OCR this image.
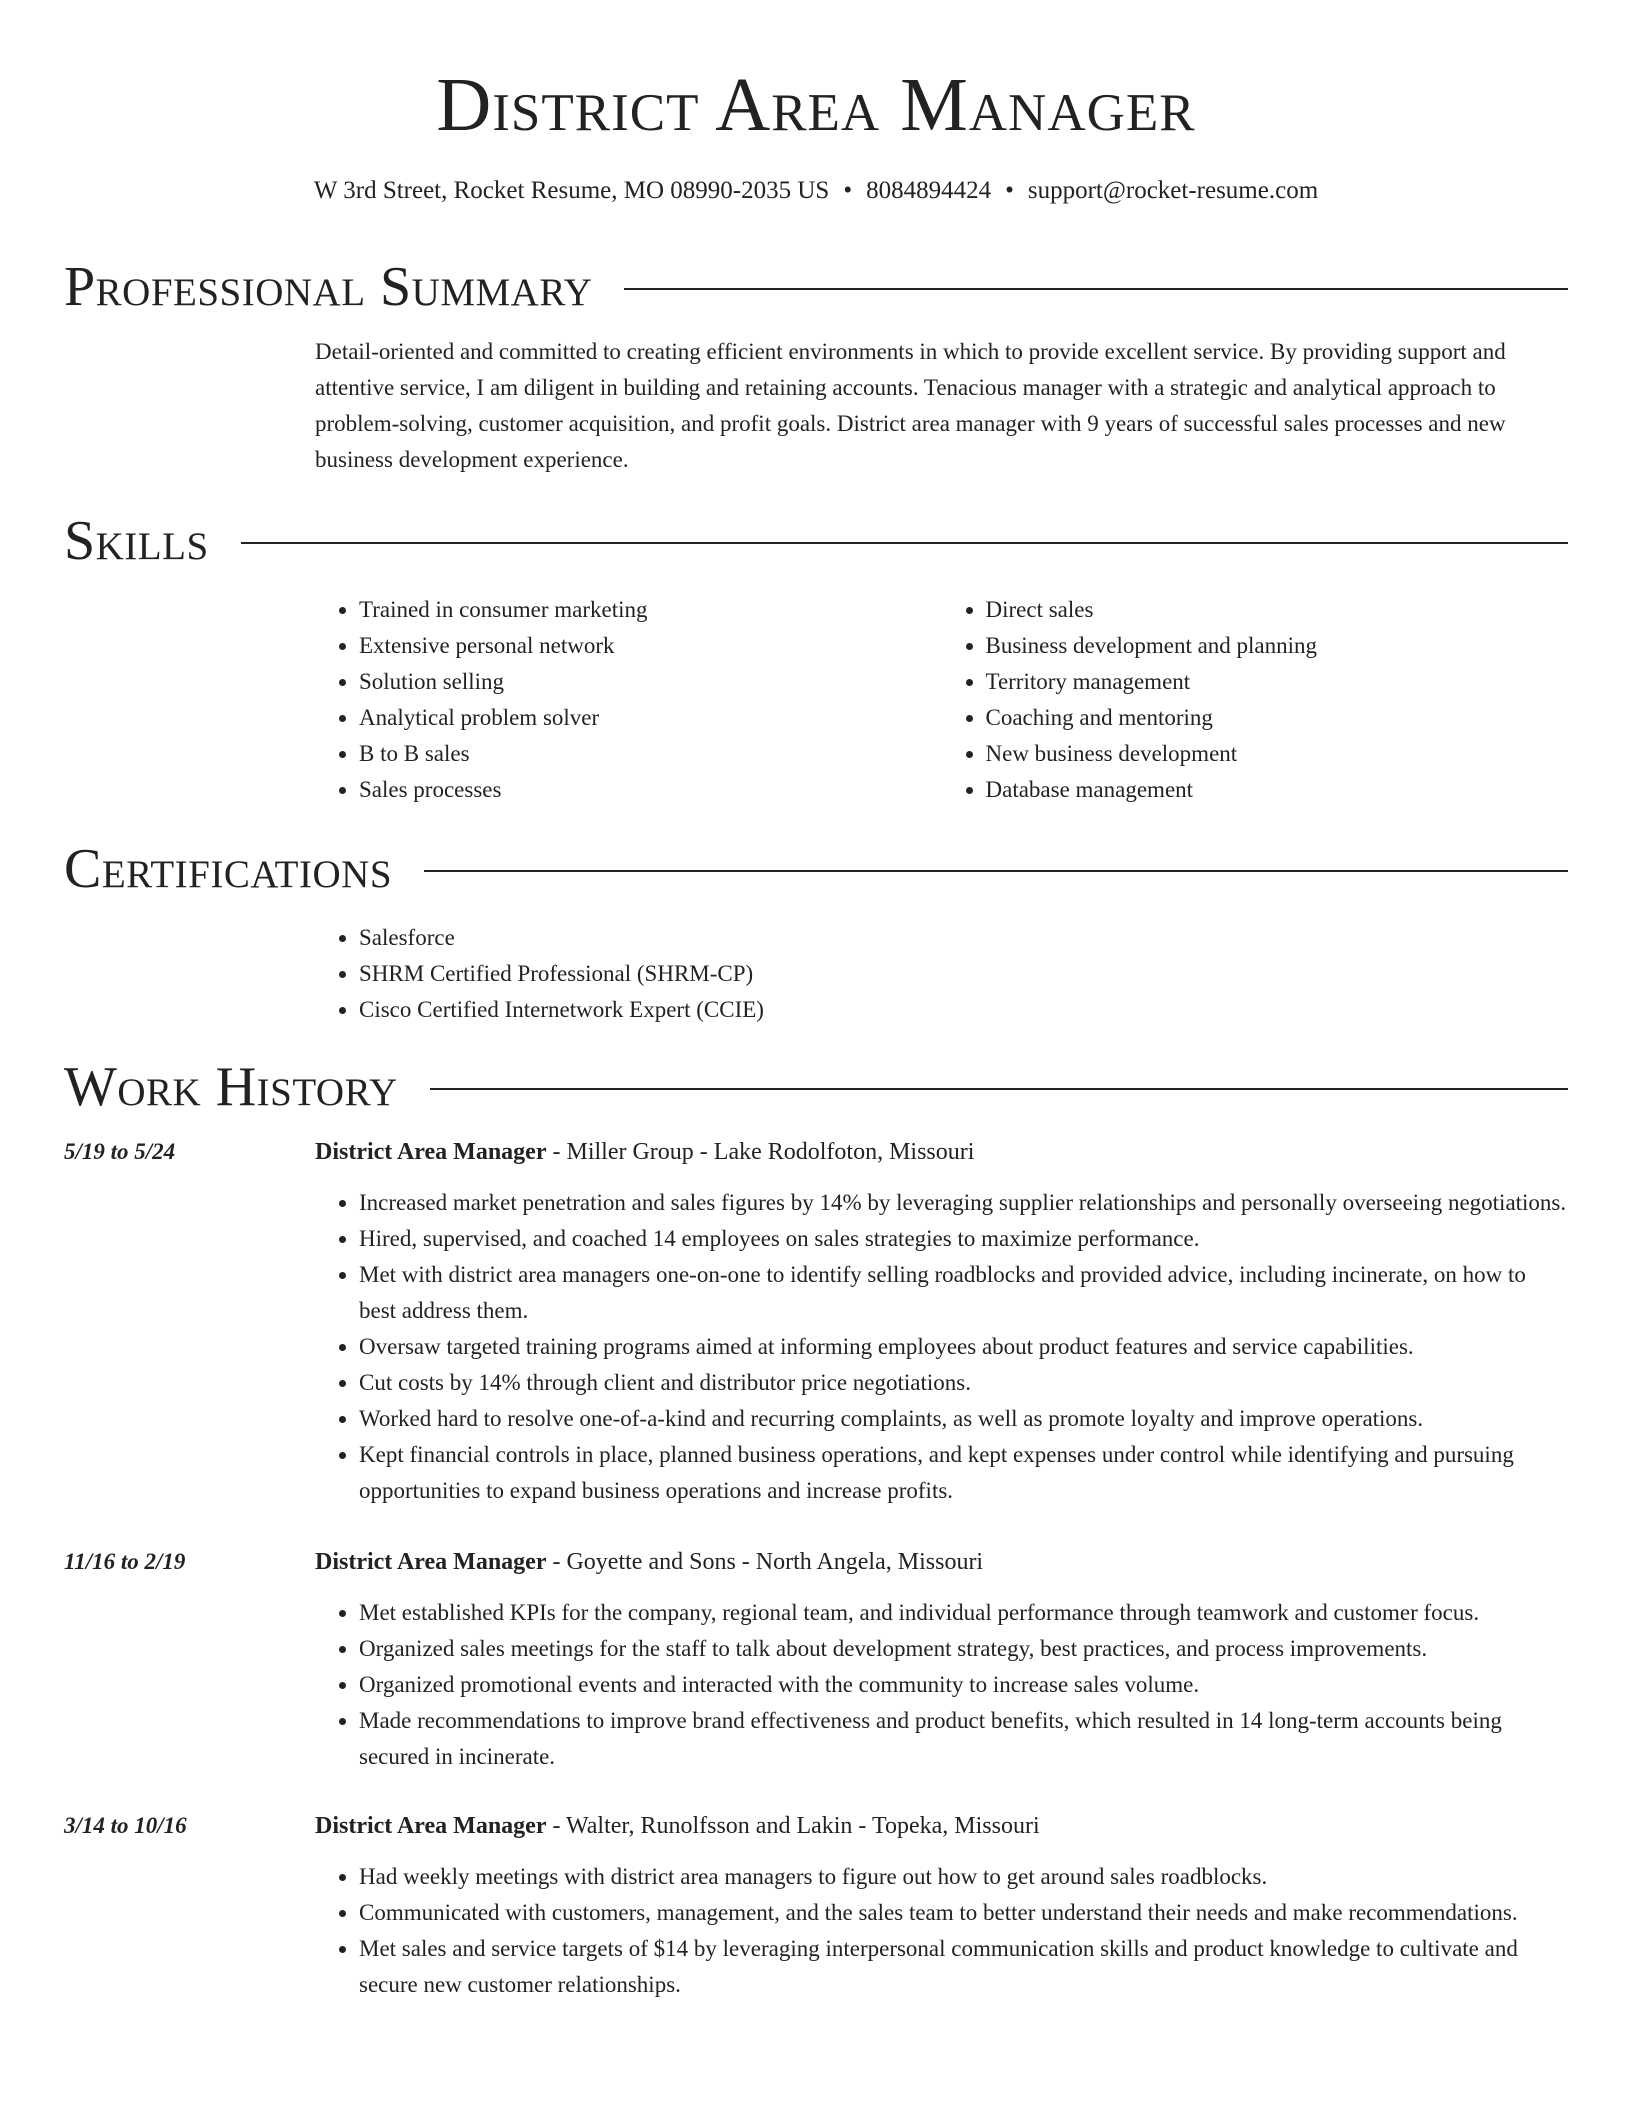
District Area Manager
W 3rd Street, Rocket Resume, MO 08990-2035 US • 8084894424 • support@rocket-resume.com
Professional Summary

Detail-oriented and committed to creating efficient environments in which to provide excellent service. By providing support and attentive service, I am diligent in building and retaining accounts. Tenacious manager with a strategic and analytical approach to problem-solving, customer acquisition, and profit goals. District area manager with 9 years of successful sales processes and new business development experience.

Skills
• Trained in consumer marketing
• Extensive personal network
• Solution selling
• Analytical problem solver
• B to B sales
• Sales processes
• Direct sales
• Business development and planning
• Territory management
• Coaching and mentoring
• New business development
• Database management
Certifications
• Salesforce
• SHRM Certified Professional (SHRM-CP)
• Cisco Certified Internetwork Expert (CCIE)
Work History
5/19 to 5/24	District Area Manager - Miller Group - Lake Rodolfoton, Missouri
• Increased market penetration and sales figures by 14% by leveraging supplier relationships and personally overseeing negotiations.
• Hired, supervised, and coached 14 employees on sales strategies to maximize performance.
• Met with district area managers one-on-one to identify selling roadblocks and provided advice, including incinerate, on how to best address them.
• Oversaw targeted training programs aimed at informing employees about product features and service capabilities.
• Cut costs by 14% through client and distributor price negotiations.
• Worked hard to resolve one-of-a-kind and recurring complaints, as well as promote loyalty and improve operations.
• Kept financial controls in place, planned business operations, and kept expenses under control while identifying and pursuing opportunities to expand business operations and increase profits.
11/16 to 2/19	District Area Manager - Goyette and Sons - North Angela, Missouri
• Met established KPIs for the company, regional team, and individual performance through teamwork and customer focus.
• Organized sales meetings for the staff to talk about development strategy, best practices, and process improvements.
• Organized promotional events and interacted with the community to increase sales volume.
• Made recommendations to improve brand effectiveness and product benefits, which resulted in 14 long-term accounts being secured in incinerate.
3/14 to 10/16	District Area Manager - Walter, Runolfsson and Lakin - Topeka, Missouri
• Had weekly meetings with district area managers to figure out how to get around sales roadblocks.
• Communicated with customers, management, and the sales team to better understand their needs and make recommendations.
• Met sales and service targets of $14 by leveraging interpersonal communication skills and product knowledge to cultivate and secure new customer relationships.
